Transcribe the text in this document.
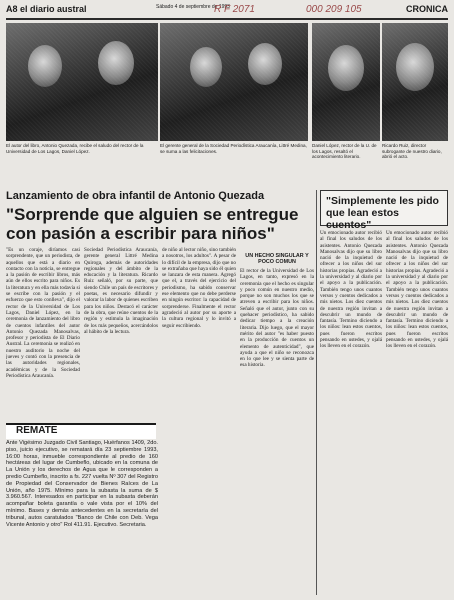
A8 el diario austral	Sábado 4 de septiembre de 1993
R F 2071	000 209 105	CRONICA
El autor del libro, Antonio Quezada, recibe el saludo del rector de la Universidad de Los Lagos, Daniel López.
El gerente general de la Sociedad Periodística Araucanía, Littré Medina, se suma a las felicitaciones.
Daniel López, rector de la U. de los Lagos, resaltó el acontecimiento literario.
Ricardo Ruiz, director subrogante de nuestro diario, abrió el acto.
Lanzamiento de obra infantil de Antonio Quezada
"Sorprende que alguien se entregue con pasión a escribir para niños"
"Es un coraje, diríamos casi sorprendente, que un periodista, de aquellos que está a diario en contacto con la noticia, se entregue a la pasión de escribir libros, más aún de ellos escrito para niños. Es la literatura y en ella más todavía si se escribe con la pasión y el esfuerzo que esto conlleva", dijo el rector de la Universidad de Los Lagos, Daniel López, en la ceremonia de lanzamiento del libro de cuentos infantiles del autor Antonio Quezada Manosalvas, profesor y periodista de El Diario Austral. La ceremonia se realizó en nuestro auditorio la noche del jueves y contó con la presencia de las autoridades regionales, académicas y de la Sociedad Periodística Araucanía.
Sociedad Periodística Araucanía, gerente general Littré Medina Quiroga, además de autoridades regionales y del ámbito de la educación y la literatura. Ricardo Ruiz señaló, por su parte, que siendo Chile un país de escritores y poetas, es necesario difundir y valorar la labor de quienes escriben para los niños. Destacó el carácter de la obra, que reúne cuentos de la región y estimula la imaginación de los más pequeños, acercándolos al hábito de la lectura.
de niño al lector niño, sino también a nosotros, los adultos". A pesar de lo difícil de la empresa, dijo que no se extrañaba que haya sido él quien se lanzara de esta manera. Agregó que el, a través del ejercicio del periodismo, ha sabido conservar ese elemento que no debe perderse en ningún escritor: la capacidad de sorprenderse. Finalmente el rector agradeció al autor por su aporte a la cultura regional y lo invitó a seguir escribiendo.
UN HECHO SINGULAR Y POCO COMUN
El rector de la Universidad de Los Lagos, en tanto, expresó en la ceremonia que el hecho es singular y poco común en nuestro medio, porque no son muchos los que se atreven a escribir para los niños. Señaló que el autor, junto con su quehacer periodístico, ha sabido dedicar tiempo a la creación literaria. Dijo luego, que el mayor mérito del autor "es haber puesto en la producción de cuentos un elemento de autenticidad", que ayuda a que el niño se reconozca en lo que lee y se sienta parte de esa historia.
"Simplemente les pido que lean estos cuentos"
Un emocionado autor recibió al final los saludos de los asistentes. Antonio Quezada Manosalvas dijo que su libro nació de la inquietud de ofrecer a los niños del sur historias propias. Agradeció a la universidad y al diario por el apoyo a la publicación. También tengo unos cuantos versos y cuentos dedicados a mis nietos. Los diez cuentos de nuestra región invitan a descubrir un mundo de fantasía. Termino diciendo a los niños: lean estos cuentos, pues fueron escritos pensando en ustedes, y ojalá los lleven en el corazón.
Un emocionado autor recibió al final los saludos de los asistentes. Antonio Quezada Manosalvas dijo que su libro nació de la inquietud de ofrecer a los niños del sur historias propias. Agradeció a la universidad y al diario por el apoyo a la publicación. También tengo unos cuantos versos y cuentos dedicados a mis nietos. Los diez cuentos de nuestra región invitan a descubrir un mundo de fantasía. Termino diciendo a los niños: lean estos cuentos, pues fueron escritos pensando en ustedes, y ojalá los lleven en el corazón.
REMATE
Ante Vigésimo Juzgado Civil Santiago, Huérfanos 1409, 2do. piso, juicio ejecutivo, se rematará día 23 septiembre 1993, 16:00 horas, inmueble correspondiente al predio de 160 hectáreas del lugar de Cumbeflo, ubicado en la comuna de La Unión y los derechos de Agua que le corresponden a predio Cumbeflo, inscrito a fs. 227 vuelta Nº 307 del Registro de Propiedad del Conservador de Bienes Raíces de La Unión, año 1975. Mínimo para la subasta la suma de $ 3.960.567. Interesados en participar en la subasta deberán acompañar boleta garantía o vale vista por el 10% del mínimo. Bases y demás antecedentes en la secretaría del tribunal, autos caratulados "Banco de Chile con Deb. Vega Vicente Antonio y otro" Rol 411.91. Ejecutivo. Secretaria.
